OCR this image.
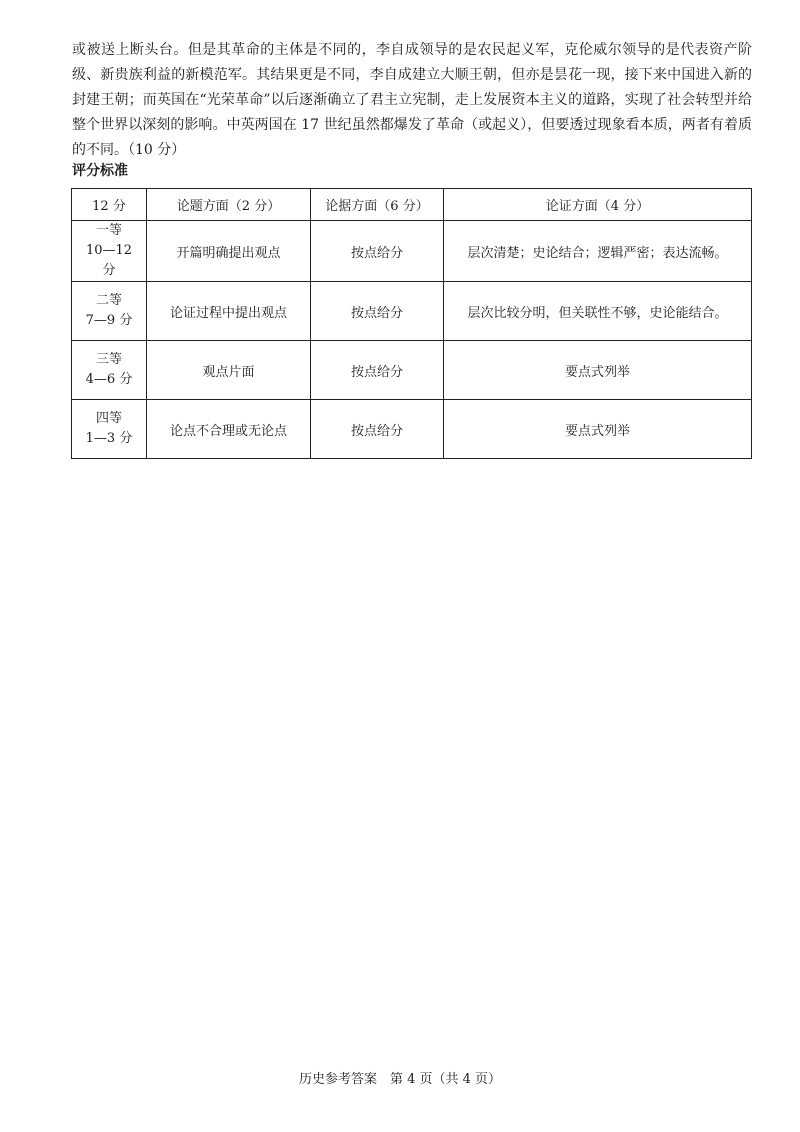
或被送上断头台。但是其革命的主体是不同的，李自成领导的是农民起义军，克伦威尔领导的是代表资产阶级、新贵族利益的新模范军。其结果更是不同，李自成建立大顺王朝，但亦是昙花一现，接下来中国进入新的封建王朝；而英国在“光荣革命”以后逐渐确立了君主立宪制，走上发展资本主义的道路，实现了社会转型并给整个世界以深刻的影响。中英两国在 17 世纪虽然都爆发了革命（或起义），但要透过现象看本质，两者有着质的不同。（10 分）
评分标准
12 分	论题方面（2 分）	论据方面（6 分）	论证方面（4 分）

一等
10—12 分	开篇明确提出观点	按点给分	层次清楚；史论结合；逻辑严密；表达流畅。

二等
7—9 分	论证过程中提出观点	按点给分	层次比较分明，但关联性不够，史论能结合。

三等
4—6 分	观点片面	按点给分	要点式列举

四等
1—3 分	论点不合理或无论点	按点给分	要点式列举
历史参考答案　第 4 页（共 4 页）
